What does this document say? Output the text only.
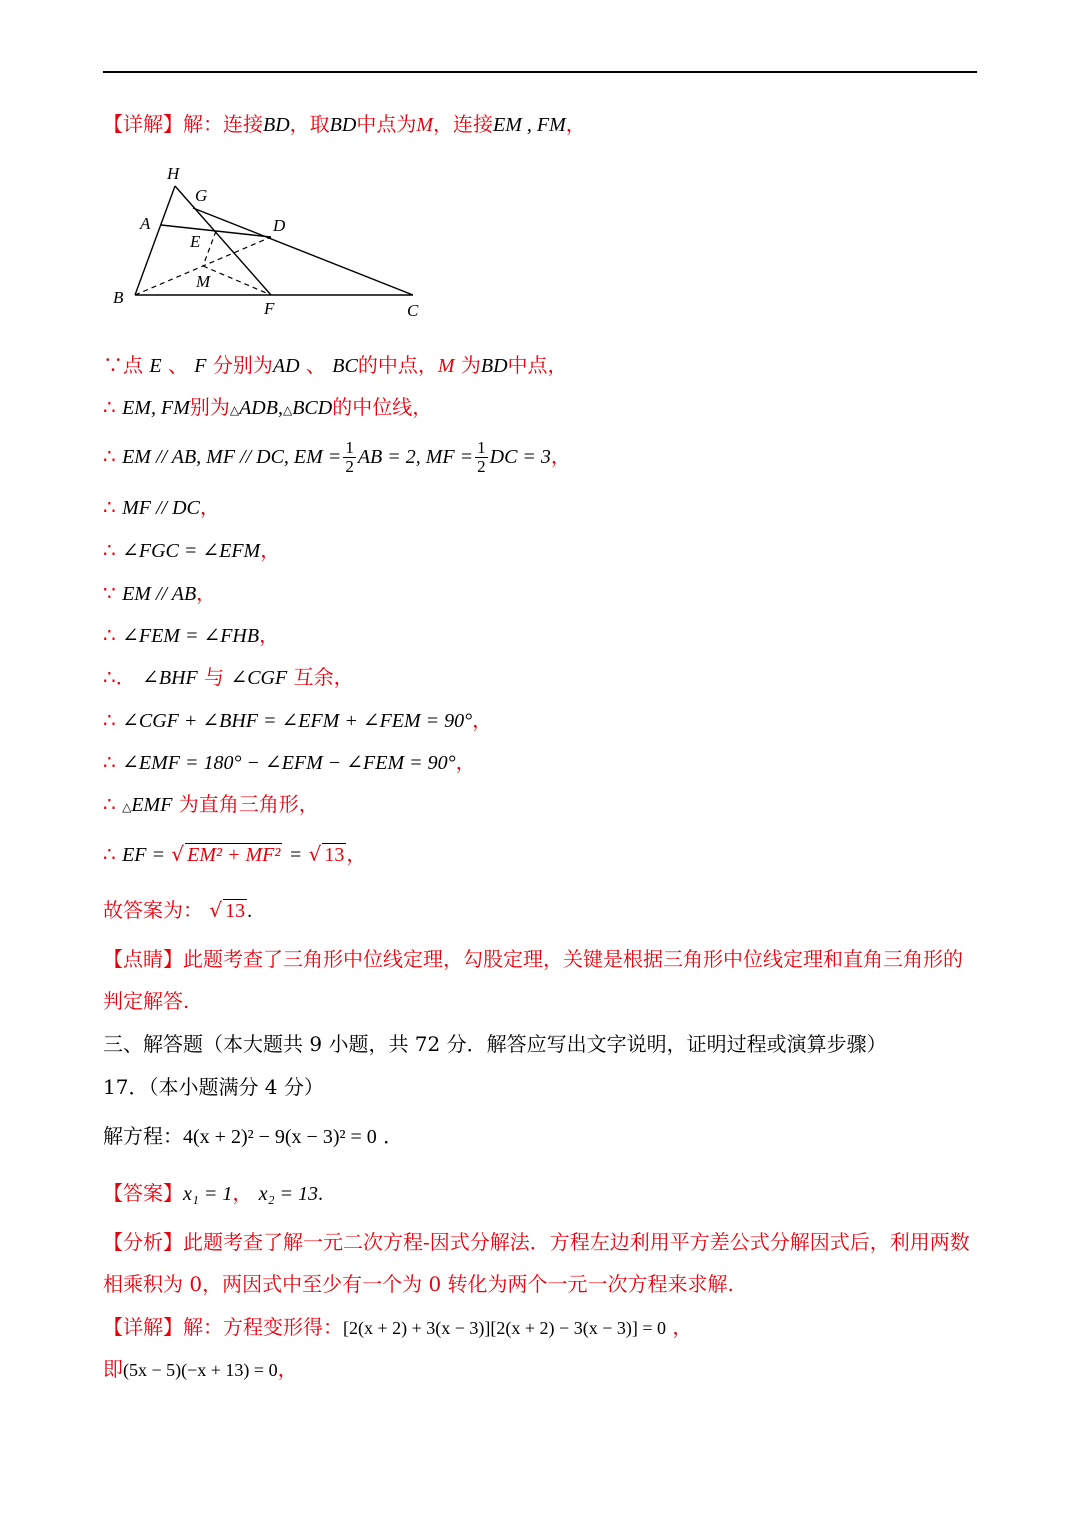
【详解】解：连接BD，取BD中点为M，连接EM , FM，
H
G
A	D
E
M
B
F	C
∵点 E 、 F 分别为AD 、 BC的中点，M 为BD中点，
∴ EM, FM别为△ADB,△BCD的中位线，
∴ EM // AB, MF // DC, EM = $\frac{1}{2}$ AB = 2, MF = $\frac{1}{2}$ DC = 3，
∴ MF // DC，
∴ ∠FGC = ∠EFM，
∵ EM // AB，
∴ ∠FEM = ∠FHB，
∴． ∠BHF 与 ∠CGF 互余，
∴ ∠CGF + ∠BHF = ∠EFM + ∠FEM = 90°，
∴ ∠EMF = 180° − ∠EFM − ∠FEM = 90°，
∴ △EMF 为直角三角形，
∴ EF = √ EM² + MF² = √ 13 ，
故答案为： √ 13 .
【点睛】此题考查了三角形中位线定理，勾股定理，关键是根据三角形中位线定理和直角三角形的判定解答.
三、解答题（本大题共 9 小题，共 72 分．解答应写出文字说明，证明过程或演算步骤）
17．（本小题满分 4 分）
解方程：4(x + 2)² − 9(x − 3)² = 0 ．
【答案】x₁ = 1， x₂ = 13.
【分析】此题考查了解一元二次方程-因式分解法．方程左边利用平方差公式分解因式后，利用两数相乘积为 0，两因式中至少有一个为 0 转化为两个一元一次方程来求解.
【详解】解：方程变形得：[2(x + 2) + 3(x − 3)][2(x + 2) − 3(x − 3)] = 0 ，
即(5x − 5)(−x + 13) = 0，
